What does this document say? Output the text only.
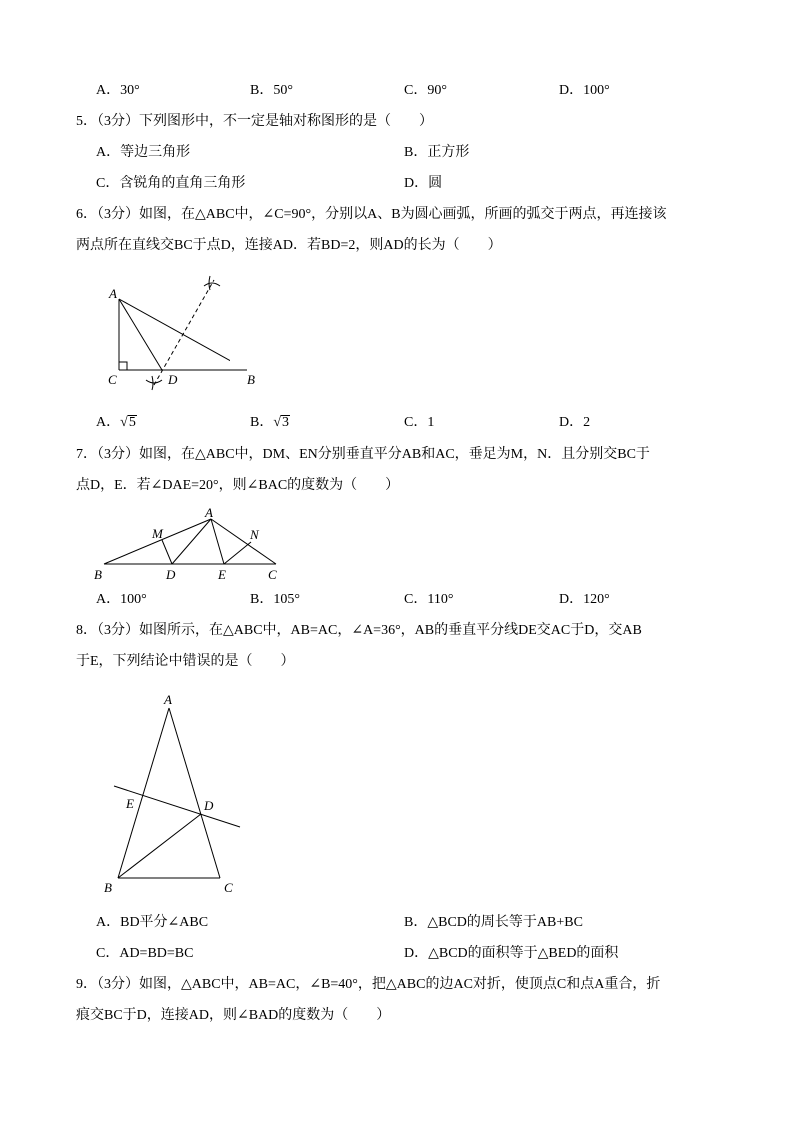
A．30°	B．50°	C．90°	D．100°
5．（3分）下列图形中，不一定是轴对称图形的是（　　）
A．等边三角形	B．正方形
C．含锐角的直角三角形	D．圆
6．（3分）如图，在△ABC中，∠C=90°，分别以A、B为圆心画弧，所画的弧交于两点，再连接该
两点所在直线交BC于点D，连接AD．若BD=2，则AD的长为（　　）
A
C	D	B
A．√5	B．√3	C．1	D．2
7．（3分）如图，在△ABC中，DM、EN分别垂直平分AB和AC，垂足为M，N．且分别交BC于
点D，E．若∠DAE=20°，则∠BAC的度数为（　　）
A
M	N
B	D	E	C
A．100°	B．105°	C．110°	D．120°
8．（3分）如图所示，在△ABC中，AB=AC，∠A=36°，AB的垂直平分线DE交AC于D，交AB
于E，下列结论中错误的是（　　）
A
E	D
B	C
A．BD平分∠ABC	B．△BCD的周长等于AB+BC
C．AD=BD=BC	D．△BCD的面积等于△BED的面积
9．（3分）如图，△ABC中，AB=AC，∠B=40°，把△ABC的边AC对折，使顶点C和点A重合，折
痕交BC于D，连接AD，则∠BAD的度数为（　　）
